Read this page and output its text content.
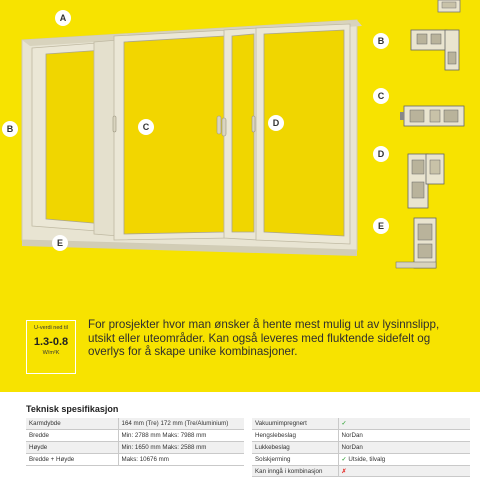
A
B	C	D
E
B
C
D
E
U-verdi ned til
1.3-0.8
W/m²K
For prosjekter hvor man ønsker å hente mest mulig ut av lysinnslipp, utsikt eller uteområder. Kan også leveres med fluktende sidefelt og overlys for å skape unike kombinasjoner.
Teknisk spesifikasjon
Karmdybde	164 mm (Tre) 172 mm (Tre/Aluminium)
Bredde	Min: 2788 mm Maks: 7988 mm
Høyde	Min: 1650 mm Maks: 2588 mm
Bredde + Høyde	Maks: 10676 mm
Vakuumimpregnert	✓
Hengslebeslag	NorDan
Lukkebeslag	NorDan
Solskjerming	✓ Utside, tilvalg
Kan inngå i kombinasjon	✗
